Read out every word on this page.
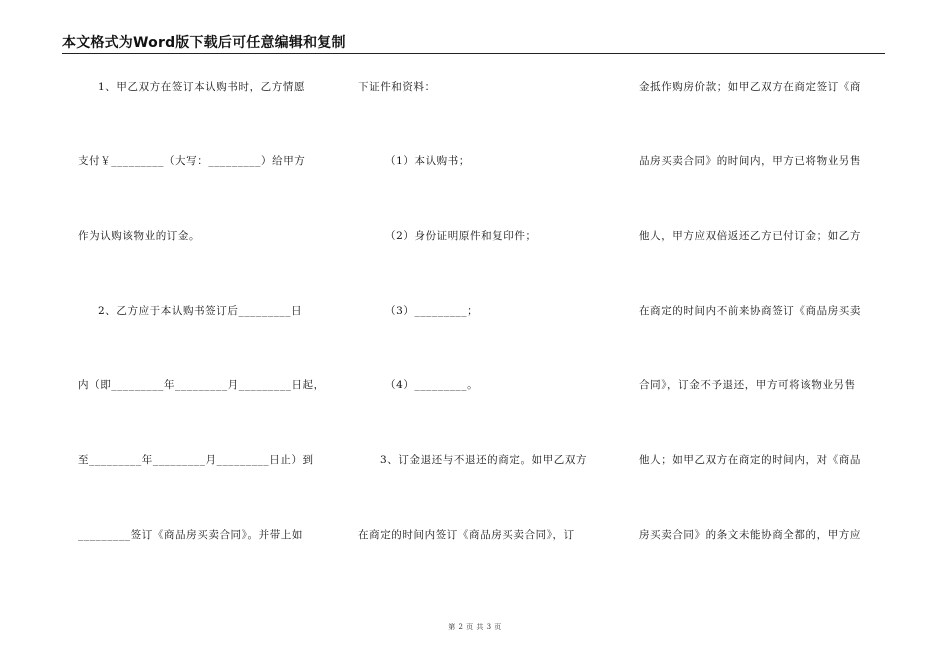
本文格式为Word版下载后可任意编辑和复制
1、甲乙双方在签订本认购书时，乙方情愿
支付￥_________（大写：_________）给甲方
作为认购该物业的订金。
2、乙方应于本认购书签订后_________日
内（即_________年_________月_________日起，
至_________年_________月_________日止）到
_________签订《商品房买卖合同》。并带上如
下证件和资料：
（1）本认购书；
（2）身份证明原件和复印件；
（3）_________；
（4）_________。
3、订金退还与不退还的商定。如甲乙双方
在商定的时间内签订《商品房买卖合同》，订
金抵作购房价款；如甲乙双方在商定签订《商
品房买卖合同》的时间内，甲方已将物业另售
他人，甲方应双倍返还乙方已付订金；如乙方
在商定的时间内不前来协商签订《商品房买卖
合同》，订金不予退还，甲方可将该物业另售
他人；如甲乙双方在商定的时间内，对《商品
房买卖合同》的条文未能协商全都的，甲方应
第 2 页 共 3 页
